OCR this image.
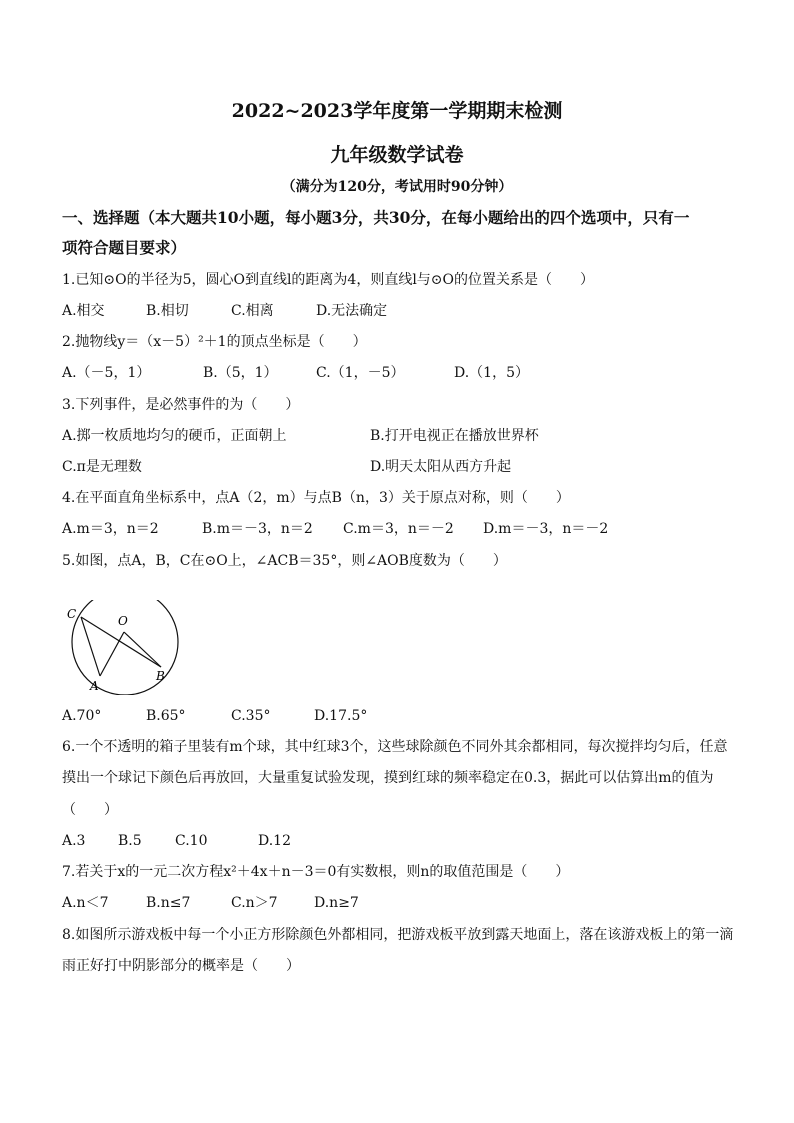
2022~2023学年度第一学期期末检测
九年级数学试卷
（满分为120分，考试用时90分钟）
一、选择题（本大题共10小题，每小题3分，共30分，在每小题给出的四个选项中，只有一
项符合题目要求）
1.已知⊙O的半径为5，圆心O到直线l的距离为4，则直线l与⊙O的位置关系是（　　）
A.相交	B.相切	C.相离	D.无法确定
2.抛物线y＝（x－5）²＋1的顶点坐标是（　　）
A.（－5，1）	B.（5，1）	C.（1，－5）	D.（1，5）
3.下列事件，是必然事件的为（　　）
A.掷一枚质地均匀的硬币，正面朝上	B.打开电视正在播放世界杯
C.π是无理数	D.明天太阳从西方升起
4.在平面直角坐标系中，点A（2，m）与点B（n，3）关于原点对称，则（　　）
A.m＝3，n＝2	B.m＝－3，n＝2 C.m＝3，n＝－2 D.m＝－3，n＝－2
5.如图，点A，B，C在⊙O上，∠ACB＝35°，则∠AOB度数为（　　）
C	O
A
B
A.70°	B.65°	C.35°	D.17.5°
6.一个不透明的箱子里装有m个球，其中红球3个，这些球除颜色不同外其余都相同，每次搅拌均匀后，任意
摸出一个球记下颜色后再放回，大量重复试验发现，摸到红球的频率稳定在0.3，据此可以估算出m的值为
（　　）
A.3 B.5 C.10	D.12
7.若关于x的一元二次方程x²＋4x＋n－3＝0有实数根，则n的取值范围是（　　）
A.n＜7	B.n≤7	C.n＞7	D.n≥7
8.如图所示游戏板中每一个小正方形除颜色外都相同，把游戏板平放到露天地面上，落在该游戏板上的第一滴
雨正好打中阴影部分的概率是（　　）
